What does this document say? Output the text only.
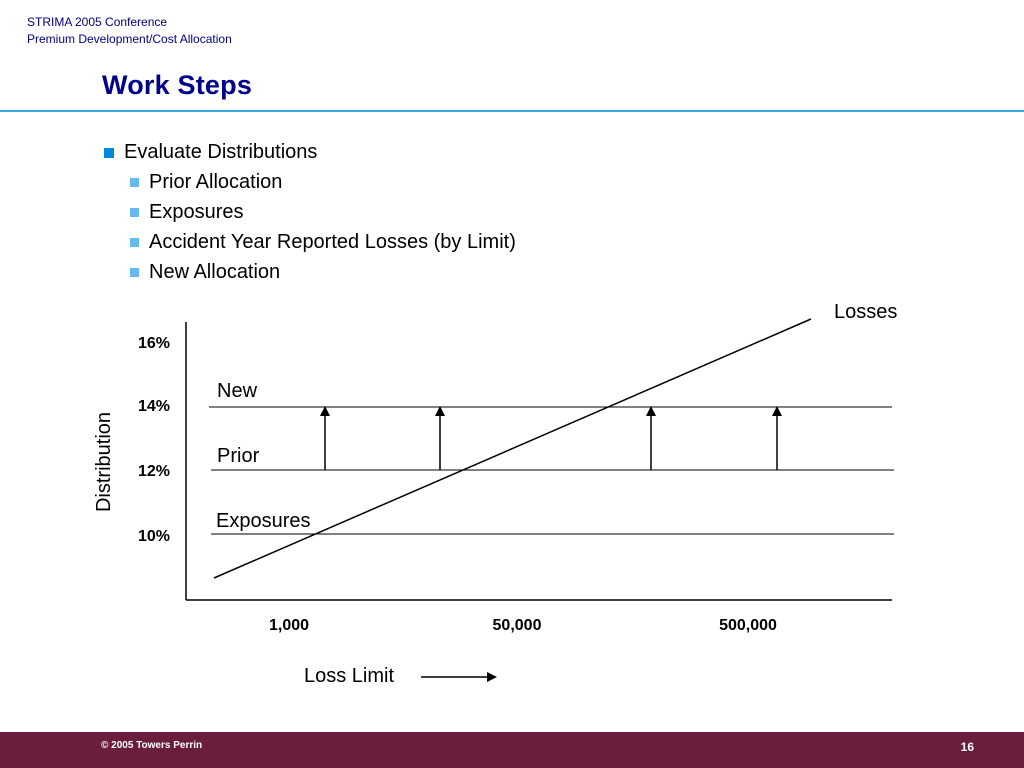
STRIMA 2005 Conference
Premium Development/Cost Allocation
Work Steps
Evaluate Distributions
Prior Allocation
Exposures
Accident Year Reported Losses (by Limit)
New Allocation
16%
14%
12%
10%
Distribution
New
Prior
Exposures
Losses
1,000	50,000	500,000
Loss Limit
© 2005 Towers Perrin	16
